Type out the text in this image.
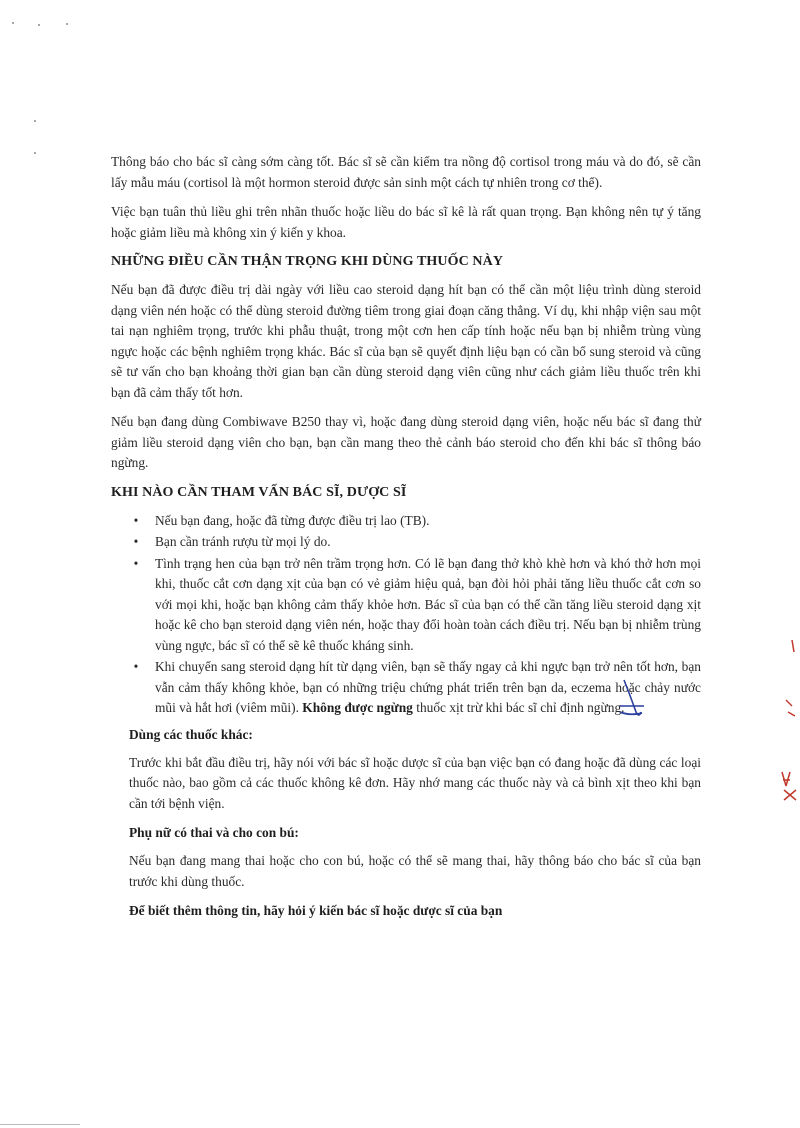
Thông báo cho bác sĩ càng sớm càng tốt. Bác sĩ sẽ cần kiểm tra nồng độ cortisol trong máu và do đó, sẽ cần lấy mẫu máu (cortisol là một hormon steroid được sản sinh một cách tự nhiên trong cơ thể).

Việc bạn tuân thủ liều ghi trên nhãn thuốc hoặc liều do bác sĩ kê là rất quan trọng. Bạn không nên tự ý tăng hoặc giảm liều mà không xin ý kiến y khoa.

NHỮNG ĐIỀU CẦN THẬN TRỌNG KHI DÙNG THUỐC NÀY

Nếu bạn đã được điều trị dài ngày với liều cao steroid dạng hít bạn có thể cần một liệu trình dùng steroid dạng viên nén hoặc có thể dùng steroid đường tiêm trong giai đoạn căng thẳng. Ví dụ, khi nhập viện sau một tai nạn nghiêm trọng, trước khi phẫu thuật, trong một cơn hen cấp tính hoặc nếu bạn bị nhiễm trùng vùng ngực hoặc các bệnh nghiêm trọng khác. Bác sĩ của bạn sẽ quyết định liệu bạn có cần bổ sung steroid và cũng sẽ tư vấn cho bạn khoảng thời gian bạn cần dùng steroid dạng viên cũng như cách giảm liều thuốc trên khi bạn đã cảm thấy tốt hơn.

Nếu bạn đang dùng Combiwave B250 thay vì, hoặc đang dùng steroid dạng viên, hoặc nếu bác sĩ đang thử giảm liều steroid dạng viên cho bạn, bạn cần mang theo thẻ cảnh báo steroid cho đến khi bác sĩ thông báo ngừng.

KHI NÀO CẦN THAM VẤN BÁC SĨ, DƯỢC SĨ
• Nếu bạn đang, hoặc đã từng được điều trị lao (TB).
• Bạn cần tránh rượu từ mọi lý do.
• Tình trạng hen của bạn trở nên trầm trọng hơn. Có lẽ bạn đang thở khò khè hơn và khó thở hơn mọi khi, thuốc cắt cơn dạng xịt của bạn có vẻ giảm hiệu quả, bạn đòi hỏi phải tăng liều thuốc cắt cơn so với mọi khi, hoặc bạn không cảm thấy khỏe hơn. Bác sĩ của bạn có thể cần tăng liều steroid dạng xịt hoặc kê cho bạn steroid dạng viên nén, hoặc thay đổi hoàn toàn cách điều trị. Nếu bạn bị nhiễm trùng vùng ngực, bác sĩ có thể sẽ kê thuốc kháng sinh.
• Khi chuyển sang steroid dạng hít từ dạng viên, bạn sẽ thấy ngay cả khi ngực bạn trở nên tốt hơn, bạn vẫn cảm thấy không khỏe, bạn có những triệu chứng phát triển trên bạn da, eczema hoặc chảy nước mũi và hắt hơi (viêm mũi). Không được ngừng thuốc xịt trừ khi bác sĩ chỉ định ngừng.
Dùng các thuốc khác:

Trước khi bắt đầu điều trị, hãy nói với bác sĩ hoặc dược sĩ của bạn việc bạn có đang hoặc đã dùng các loại thuốc nào, bao gồm cả các thuốc không kê đơn. Hãy nhớ mang các thuốc này và cả bình xịt theo khi bạn cần tới bệnh viện.

Phụ nữ có thai và cho con bú:

Nếu bạn đang mang thai hoặc cho con bú, hoặc có thể sẽ mang thai, hãy thông báo cho bác sĩ của bạn trước khi dùng thuốc.

Để biết thêm thông tin, hãy hỏi ý kiến bác sĩ hoặc dược sĩ của bạn
